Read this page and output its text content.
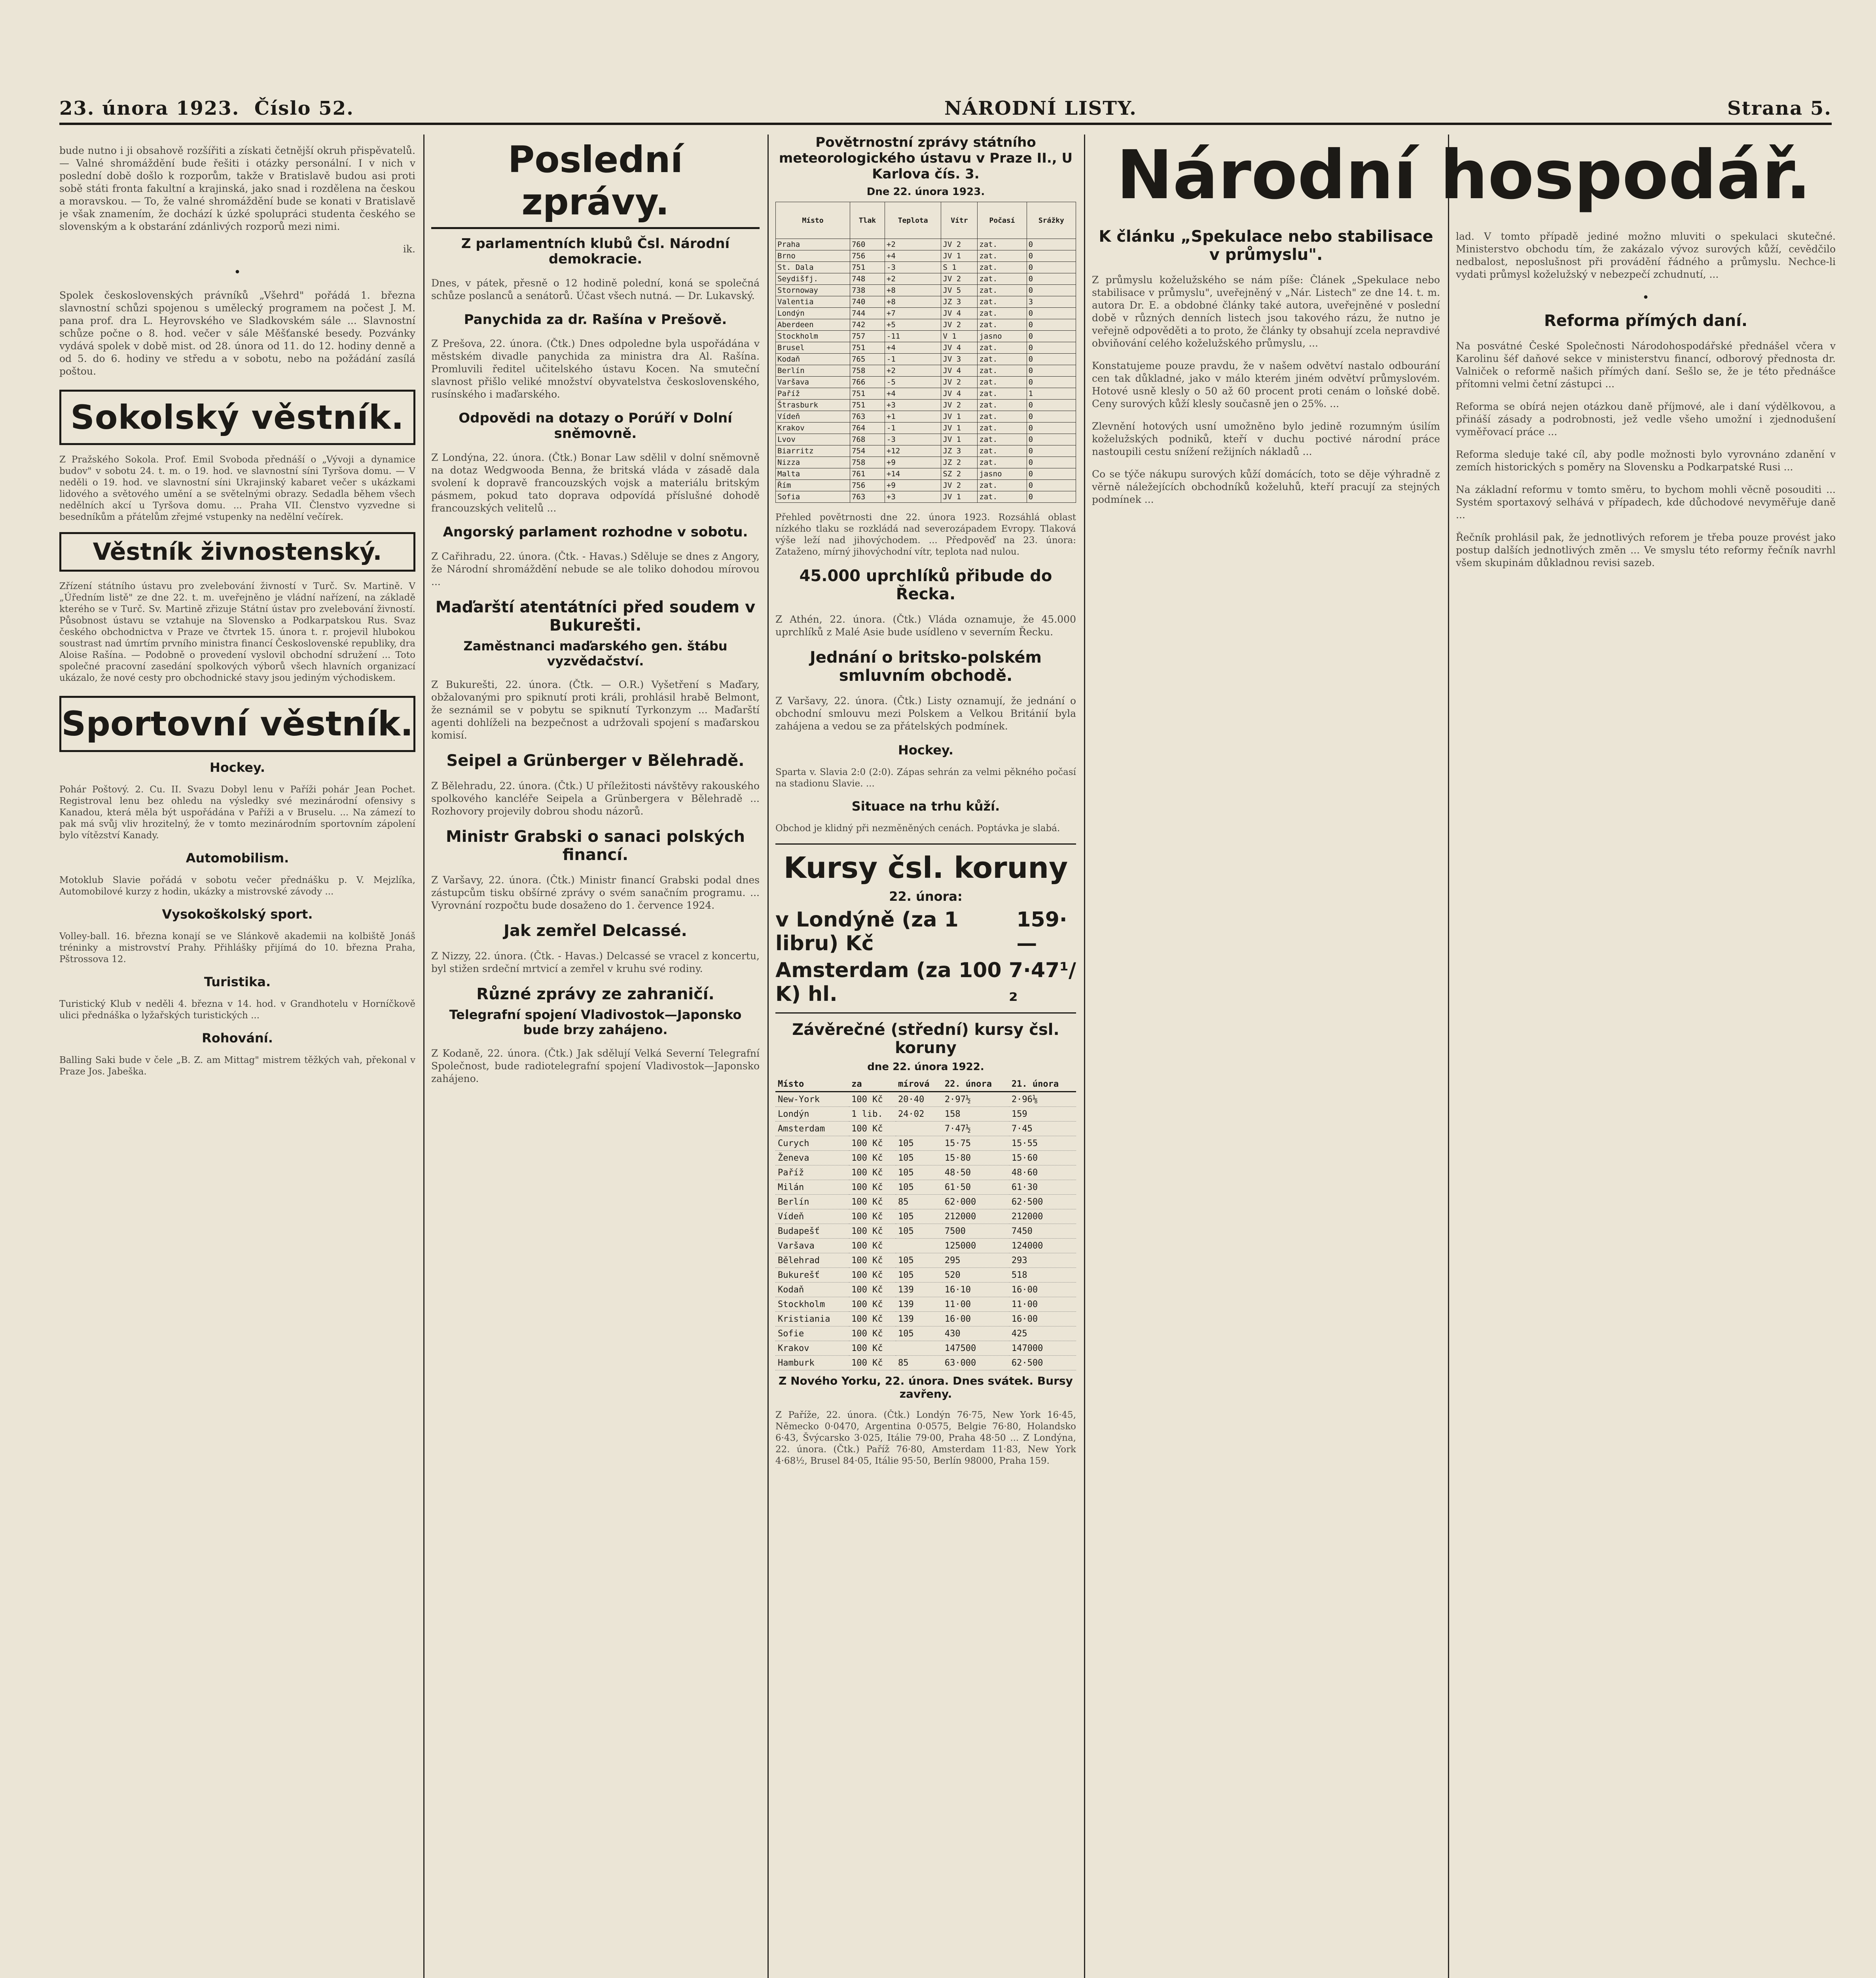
23. února 1923. Číslo 52.	NÁRODNÍ LISTY.	Strana 5.

bude nutno i ji obsahově rozšířiti a získati četnější okruh přispěvatelů. — Valné shromáždění bude řešiti i otázky personální. I v nich v poslední době došlo k rozporům, takže v Bratislavě budou asi proti sobě státi fronta fakultní a krajinská, jako snad i rozdělena na českou a moravskou. — To, že valné shromáždění bude se konati v Bratislavě je však znamením, že dochází k úzké spolupráci studenta českého se slovenským a k obstarání zdánlivých rozporů mezi nimi.

ik.

•

Spolek československých právníků „Všehrd" pořádá 1. března slavnostní schůzi spojenou s umělecký programem na počest J. M. pana prof. dra L. Heyrovského ve Sladkovském sále ... Slavnostní schůze počne o 8. hod. večer v sále Měšťanské besedy. Pozvánky vydává spolek v době mist. od 28. února od 11. do 12. hodiny denně a od 5. do 6. hodiny ve středu a v sobotu, nebo na požádání zasílá poštou.

Sokolský věstník.

Z Pražského Sokola. Prof. Emil Svoboda přednáší o „Vývoji a dynamice budov" v sobotu 24. t. m. o 19. hod. ve slavnostní síni Tyršova domu. — V neděli o 19. hod. ve slavnostní síni Ukrajinský kabaret večer s ukázkami lidového a světového umění a se světelnými obrazy. Sedadla během všech nedělních akcí u Tyršova domu. ... Praha VII. Členstvo vyzvedne si besedníkům a přátelům zřejmé vstupenky na nedělní večírek.

Věstník živnostenský.

Zřízení státního ústavu pro zvelebování živností v Turč. Sv. Martině. V „Úředním listě" ze dne 22. t. m. uveřejněno je vládní nařízení, na základě kterého se v Turč. Sv. Martině zřizuje Státní ústav pro zvelebování živností. Působnost ústavu se vztahuje na Slovensko a Podkarpatskou Rus. Svaz českého obchodnictva v Praze ve čtvrtek 15. února t. r. projevil hlubokou soustrast nad úmrtím prvního ministra financí Československé republiky, dra Aloise Rašína. — Podobně o provedení vyslovil obchodní sdružení ... Toto společné pracovní zasedání spolkových výborů všech hlavních organizací ukázalo, že nové cesty pro obchodnické stavy jsou jediným východiskem.

Sportovní věstník.
Hockey.

Pohár Poštový. 2. Cu. II. Svazu Dobyl lenu v Paříži pohár Jean Pochet. Registroval lenu bez ohledu na výsledky své mezinárodní ofensivy s Kanadou, která měla být uspořádána v Paříži a v Bruselu. ... Na zámezí to pak má svůj vliv hrozitelný, že v tomto mezinárodním sportovním zápolení bylo vítězství Kanady.

Automobilism.

Motoklub Slavie pořádá v sobotu večer přednášku p. V. Mejzlíka, Automobilové kurzy z hodin, ukázky a mistrovské závody ...

Vysokoškolský sport.

Volley-ball. 16. března konají se ve Slánkově akademii na kolbiště Jonáš tréninky a mistrovství Prahy. Přihlášky přijímá do 10. března Praha, Pštrossova 12.

Turistika.

Turistický Klub v neděli 4. března v 14. hod. v Grandhotelu v Horníčkově ulici přednáška o lyžařských turistických ...

Rohování.

Balling Saki bude v čele „B. Z. am Mittag" mistrem těžkých vah, překonal v Praze Jos. Jabeška.

Poslední zprávy.
Z parlamentních klubů Čsl. Národní demokracie.

Dnes, v pátek, přesně o 12 hodině polední, koná se společná schůze poslanců a senátorů. Účast všech nutná. — Dr. Lukavský.

Panychida za dr. Rašína v Prešově.

Z Prešova, 22. února. (Čtk.) Dnes odpoledne byla uspořádána v městském divadle panychida za ministra dra Al. Rašína. Promluvili ředitel učitelského ústavu Kocen. Na smuteční slavnost přišlo veliké množství obyvatelstva československého, rusínského i maďarského.

Odpovědi na dotazy o Porúří v Dolní sněmovně.

Z Londýna, 22. února. (Čtk.) Bonar Law sdělil v dolní sněmovně na dotaz Wedgwooda Benna, že britská vláda v zásadě dala svolení k dopravě francouzských vojsk a materiálu britským pásmem, pokud tato doprava odpovídá příslušné dohodě francouzských velitelů ...

Angorský parlament rozhodne v sobotu.

Z Cařihradu, 22. února. (Čtk. - Havas.) Sděluje se dnes z Angory, že Národní shromáždění nebude se ale toliko dohodou mírovou ...

Maďarští atentátníci před soudem v Bukurešti.
Zaměstnanci maďarského gen. štábu vyzvědačství.

Z Bukurešti, 22. února. (Čtk. — O.R.) Vyšetření s Maďary, obžalovanými pro spiknutí proti králi, prohlásil hrabě Belmont, že seznámil se v pobytu se spiknutí Tyrkonzym ... Maďarští agenti dohlíželi na bezpečnost a udržovali spojení s maďarskou komisí.

Seipel a Grünberger v Bělehradě.

Z Bělehradu, 22. února. (Čtk.) U příležitosti návštěvy rakouského spolkového kancléře Seipela a Grünbergera v Bělehradě ... Rozhovory projevily dobrou shodu názorů.

Ministr Grabski o sanaci polských financí.

Z Varšavy, 22. února. (Čtk.) Ministr financí Grabski podal dnes zástupcům tisku obšírné zprávy o svém sanačním programu. ... Vyrovnání rozpočtu bude dosaženo do 1. července 1924.

Jak zemřel Delcassé.

Z Nizzy, 22. února. (Čtk. - Havas.) Delcassé se vracel z koncertu, byl stižen srdeční mrtvicí a zemřel v kruhu své rodiny.

Různé zprávy ze zahraničí.
Telegrafní spojení Vladivostok—Japonsko bude brzy zahájeno.

Z Kodaně, 22. února. (Čtk.) Jak sdělují Velká Severní Telegrafní Společnost, bude radiotelegrafní spojení Vladivostok—Japonsko zahájeno.

Povětrnostní zprávy státního meteorologického ústavu v Praze II., U Karlova čís. 3.
Dne 22. února 1923.
Místo	Tlak	Teplota	Vítr	Počasí	Srážky
Praha	760	+2	JV 2	zat.	0
Brno	756	+4	JV 1	zat.	0
St. Dala	751	-3	S 1	zat.	0
Seydišfj.	748	+2	JV 2	zat.	0
Stornoway	738	+8	JV 5	zat.	0
Valentia	740	+8	JZ 3	zat.	3
Londýn	744	+7	JV 4	zat.	0
Aberdeen	742	+5	JV 2	zat.	0
Stockholm	757	-11	V 1	jasno	0
Brusel	751	+4	JV 4	zat.	0
Kodaň	765	-1	JV 3	zat.	0
Berlín	758	+2	JV 4	zat.	0
Varšava	766	-5	JV 2	zat.	0
Paříž	751	+4	JV 4	zat.	1
Štrasburk	751	+3	JV 2	zat.	0
Vídeň	763	+1	JV 1	zat.	0
Krakov	764	-1	JV 1	zat.	0
Lvov	768	-3	JV 1	zat.	0
Biarritz	754	+12	JZ 3	zat.	0
Nizza	758	+9	JZ 2	zat.	0
Malta	761	+14	SZ 2	jasno	0
Řím	756	+9	JV 2	zat.	0
Sofia	763	+3	JV 1	zat.	0

Přehled povětrnosti dne 22. února 1923. Rozsáhlá oblast nízkého tlaku se rozkládá nad severozápadem Evropy. Tlaková výše leží nad jihovýchodem. ... Předpověď na 23. února: Zataženo, mírný jihovýchodní vítr, teplota nad nulou.

45.000 uprchlíků přibude do Řecka.

Z Athén, 22. února. (Čtk.) Vláda oznamuje, že 45.000 uprchlíků z Malé Asie bude usídleno v severním Řecku.

Jednání o britsko-polském smluvním obchodě.

Z Varšavy, 22. února. (Čtk.) Listy oznamují, že jednání o obchodní smlouvu mezi Polskem a Velkou Británií byla zahájena a vedou se za přátelských podmínek.

Hockey.

Sparta v. Slavia 2:0 (2:0). Zápas sehrán za velmi pěkného počasí na stadionu Slavie. ...

Situace na trhu kůží.

Obchod je klidný při nezměněných cenách. Poptávka je slabá.

Kursy čsl. koruny
22. února:
v Londýně (za 1 libru) Kč
159·—
Amsterdam (za 100 K) hl.
7·47¹/₂
Závěrečné (střední) kursy čsl. koruny
dne 22. února 1922.
Místo	za	mírová	22. února	21. února
New-York	100 Kč	20·40	2·97½	2·96⅛
Londýn	1 lib.	24·02	158	159
Amsterdam	100 Kč		7·47½	7·45
Curych	100 Kč	105	15·75	15·55
Ženeva	100 Kč	105	15·80	15·60
Paříž	100 Kč	105	48·50	48·60
Milán	100 Kč	105	61·50	61·30
Berlín	100 Kč	85	62·000	62·500
Vídeň	100 Kč	105	212000	212000
Budapešť	100 Kč	105	7500	7450
Varšava	100 Kč		125000	124000
Bělehrad	100 Kč	105	295	293
Bukurešť	100 Kč	105	520	518
Kodaň	100 Kč	139	16·10	16·00
Stockholm	100 Kč	139	11·00	11·00
Kristiania	100 Kč	139	16·00	16·00
Sofie	100 Kč	105	430	425
Krakov	100 Kč		147500	147000
Hamburk	100 Kč	85	63·000	62·500
Z Nového Yorku, 22. února. Dnes svátek. Bursy zavřeny.

Z Paříže, 22. února. (Čtk.) Londýn 76·75, New York 16·45, Německo 0·0470, Argentina 0·0575, Belgie 76·80, Holandsko 6·43, Švýcarsko 3·025, Itálie 79·00, Praha 48·50 ... Z Londýna, 22. února. (Čtk.) Paříž 76·80, Amsterdam 11·83, New York 4·68½, Brusel 84·05, Itálie 95·50, Berlín 98000, Praha 159.

Národní hospodář.
K článku „Spekulace nebo stabilisace v průmyslu".

Z průmyslu koželužského se nám píše: Článek „Spekulace nebo stabilisace v průmyslu", uveřejněný v „Nár. Listech" ze dne 14. t. m. autora Dr. E. a obdobné články také autora, uveřejněné v poslední době v různých denních listech jsou takového rázu, že nutno je veřejně odpověděti a to proto, že články ty obsahují zcela nepravdivé obviňování celého koželužského průmyslu, ...

Konstatujeme pouze pravdu, že v našem odvětví nastalo odbourání cen tak důkladné, jako v málo kterém jiném odvětví průmyslovém. Hotové usně klesly o 50 až 60 procent proti cenám o loňské době. Ceny surových kůží klesly současně jen o 25%. ...

Zlevnění hotových usní umožněno bylo jedině rozumným úsilím koželužských podniků, kteří v duchu poctivé národní práce nastoupili cestu snížení režijních nákladů ...

Co se týče nákupu surových kůží domácích, toto se děje výhradně z věrně náležejících obchodníků koželuhů, kteří pracují za stejných podmínek ...

lad. V tomto případě jediné možno mluviti o spekulaci skutečné. Ministerstvo obchodu tím, že zakázalo vývoz surových kůží, cevědčilo nedbalost, neposlušnost při provádění řádného a průmyslu. Nechce-li vydati průmysl koželužský v nebezpečí zchudnutí, ...

•
Reforma přímých daní.

Na posvátné České Společnosti Národohospodářské přednášel včera v Karolinu šéf daňové sekce v ministerstvu financí, odborový přednosta dr. Valniček o reformě našich přímých daní. Sešlo se, že je této přednášce přítomni velmi četní zástupci ...

Reforma se obírá nejen otázkou daně příjmové, ale i daní výdělkovou, a přináší zásady a podrobnosti, jež vedle všeho umožní i zjednodušení vyměřovací práce ...

Reforma sleduje také cíl, aby podle možnosti bylo vyrovnáno zdanění v zemích historických s poměry na Slovensku a Podkarpatské Rusi ...

Na základní reformu v tomto směru, to bychom mohli věcně posouditi ... Systém sportaxový selhává v případech, kde důchodové nevyměřuje daně ...

Řečník prohlásil pak, že jednotlivých reforem je třeba pouze provést jako postup dalších jednotlivých změn ... Ve smyslu této reformy řečník navrhl všem skupinám důkladnou revisi sazeb.
